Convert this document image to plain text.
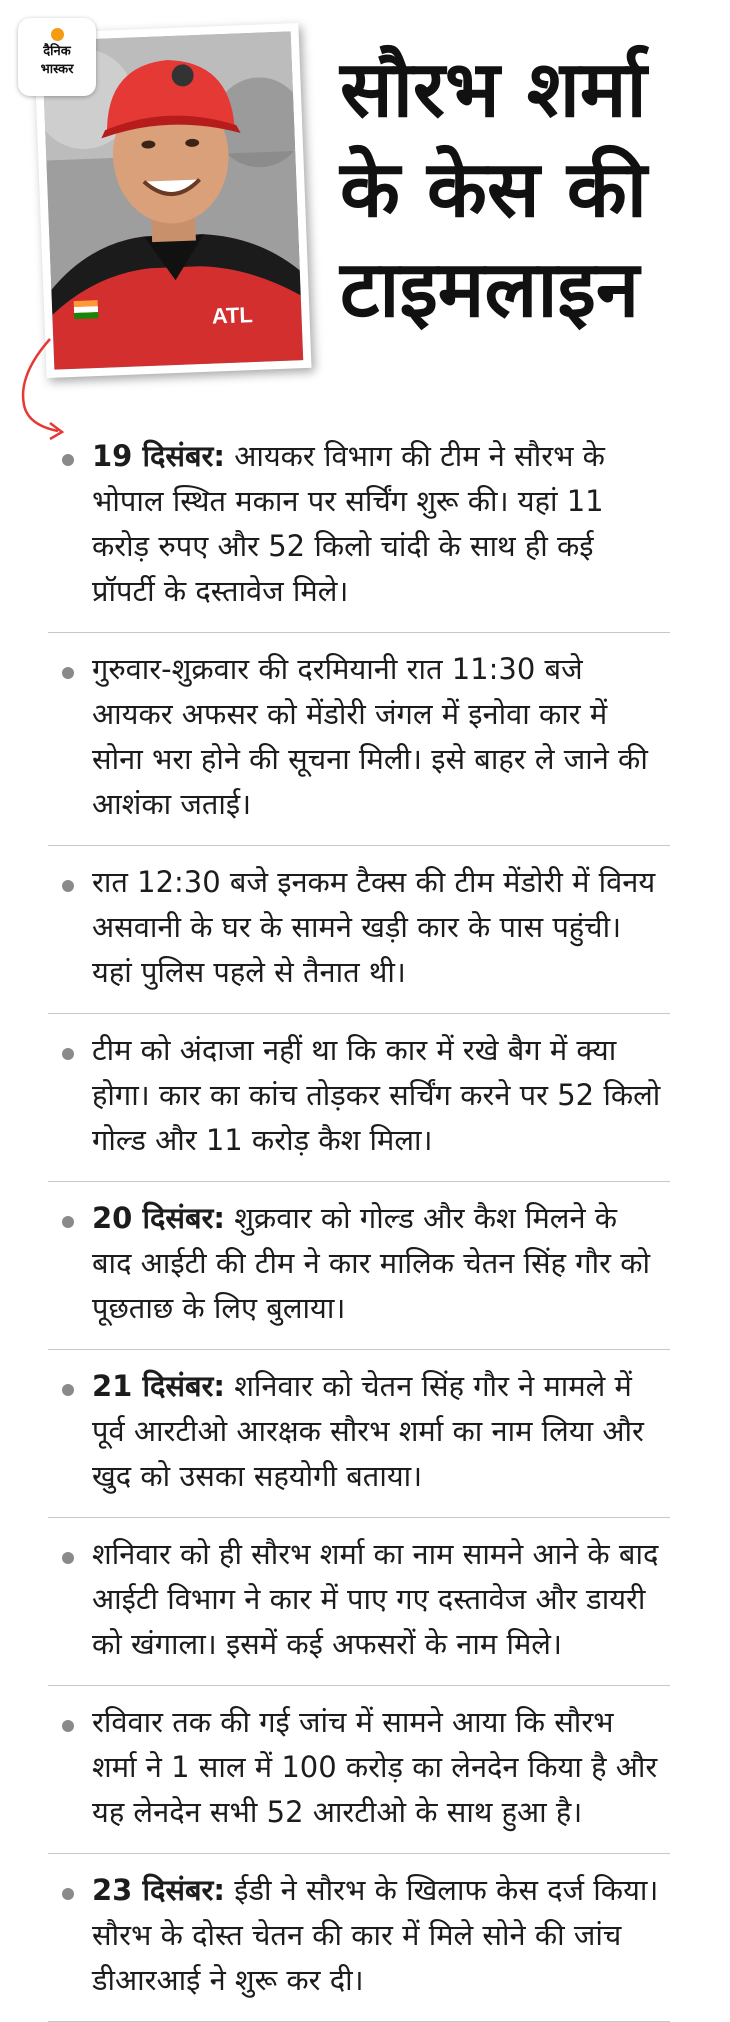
ATL
दैनिक
भास्कर	सौरभ शर्मा
के केस की
टाइमलाइन
19 दिसंबर: आयकर विभाग की टीम ने सौरभ के भोपाल स्थित मकान पर सर्चिंग शुरू की। यहां 11 करोड़ रुपए और 52 किलो चांदी के साथ ही कई प्रॉपर्टी के दस्तावेज मिले।
गुरुवार-शुक्रवार की दरमियानी रात 11:30 बजे आयकर अफसर को मेंडोरी जंगल में इनोवा कार में सोना भरा होने की सूचना मिली। इसे बाहर ले जाने की आशंका जताई।
रात 12:30 बजे इनकम टैक्स की टीम मेंडोरी में विनय असवानी के घर के सामने खड़ी कार के पास पहुंची। यहां पुलिस पहले से तैनात थी।
टीम को अंदाजा नहीं था कि कार में रखे बैग में क्या होगा। कार का कांच तोड़कर सर्चिंग करने पर 52 किलो गोल्ड और 11 करोड़ कैश मिला।
20 दिसंबर: शुक्रवार को गोल्ड और कैश मिलने के बाद आईटी की टीम ने कार मालिक चेतन सिंह गौर को पूछताछ के लिए बुलाया।
21 दिसंबर: शनिवार को चेतन सिंह गौर ने मामले में पूर्व आरटीओ आरक्षक सौरभ शर्मा का नाम लिया और खुद को उसका सहयोगी बताया।
शनिवार को ही सौरभ शर्मा का नाम सामने आने के बाद आईटी विभाग ने कार में पाए गए दस्तावेज और डायरी को खंगाला। इसमें कई अफसरों के नाम मिले।
रविवार तक की गई जांच में सामने आया कि सौरभ शर्मा ने 1 साल में 100 करोड़ का लेनदेन किया है और यह लेनदेन सभी 52 आरटीओ के साथ हुआ है।
23 दिसंबर: ईडी ने सौरभ के खिलाफ केस दर्ज किया। सौरभ के दोस्त चेतन की कार में मिले सोने की जांच डीआरआई ने शुरू कर दी।
